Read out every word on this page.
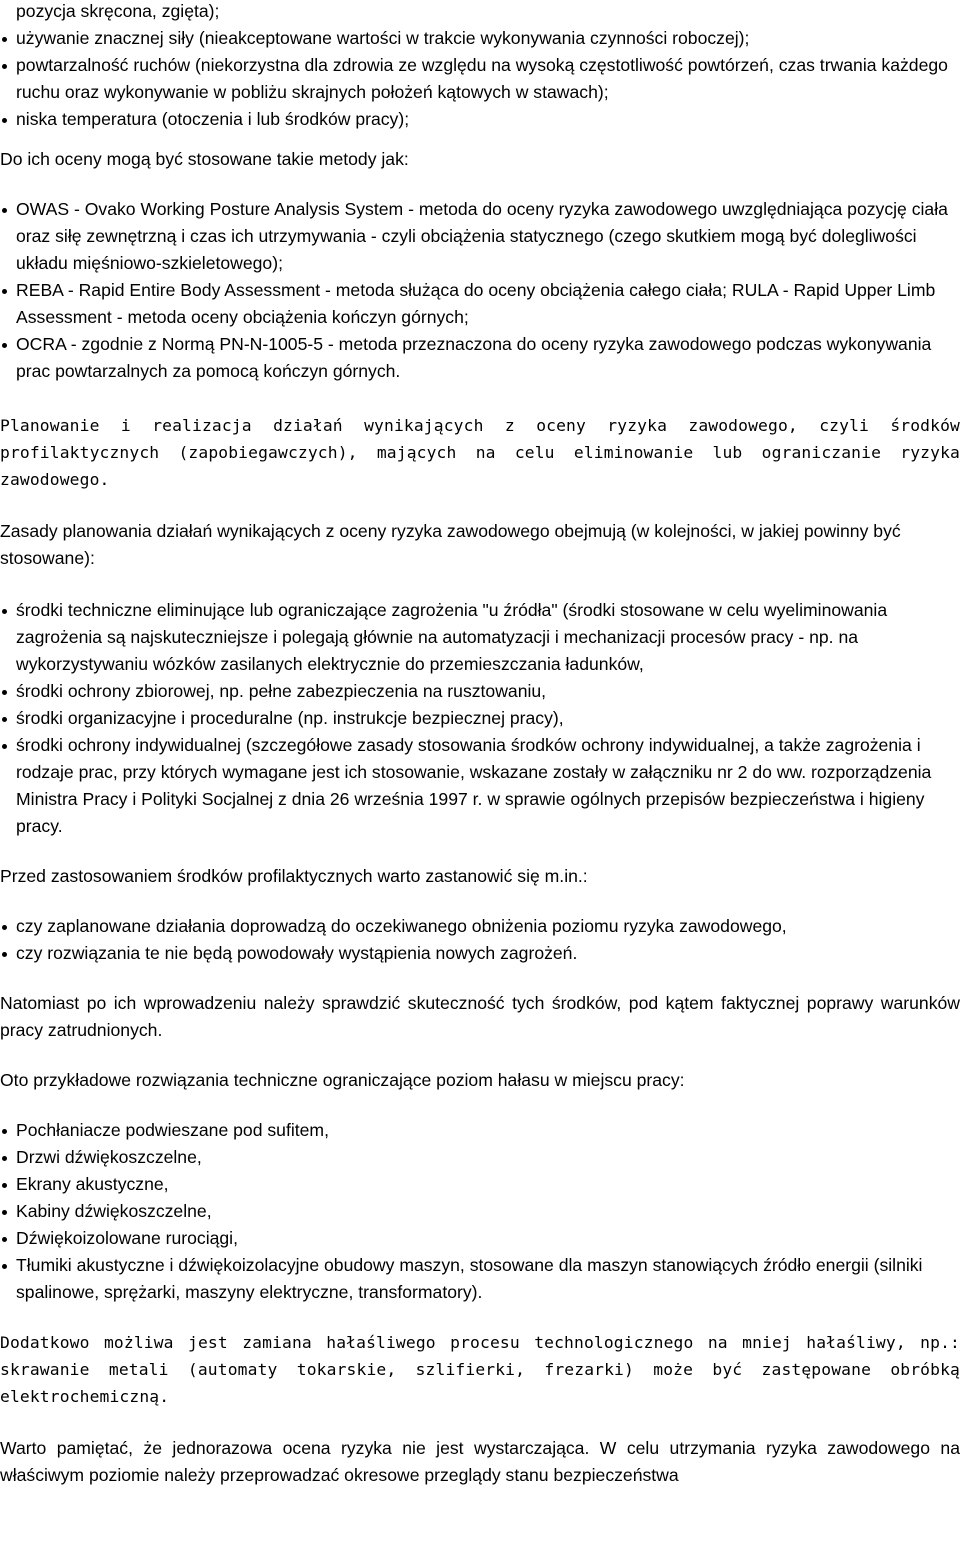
pozycja skręcona, zgięta);

używanie znacznej siły (nieakceptowane wartości w trakcie wykonywania czynności roboczej);
powtarzalność ruchów (niekorzystna dla zdrowia ze względu na wysoką częstotliwość powtórzeń, czas trwania każdego ruchu oraz wykonywanie w pobliżu skrajnych położeń kątowych w stawach);
niska temperatura (otoczenia i lub środków pracy);

Do ich oceny mogą być stosowane takie metody jak:

OWAS - Ovako Working Posture Analysis System - metoda do oceny ryzyka zawodowego uwzględniająca pozycję ciała oraz siłę zewnętrzną i czas ich utrzymywania - czyli obciążenia statycznego (czego skutkiem mogą być dolegliwości układu mięśniowo-szkieletowego);
REBA - Rapid Entire Body Assessment - metoda służąca do oceny obciążenia całego ciała; RULA - Rapid Upper Limb Assessment - metoda oceny obciążenia kończyn górnych;
OCRA - zgodnie z Normą PN-N-1005-5 - metoda przeznaczona do oceny ryzyka zawodowego podczas wykonywania prac powtarzalnych za pomocą kończyn górnych.

Planowanie i realizacja działań wynikających z oceny ryzyka zawodowego, czyli środków profilaktycznych (zapobiegawczych), mających na celu eliminowanie lub ograniczanie ryzyka zawodowego.

Zasady planowania działań wynikających z oceny ryzyka zawodowego obejmują (w kolejności, w jakiej powinny być stosowane):

środki techniczne eliminujące lub ograniczające zagrożenia "u źródła" (środki stosowane w celu wyeliminowania zagrożenia są najskuteczniejsze i polegają głównie na automatyzacji i mechanizacji procesów pracy - np. na wykorzystywaniu wózków zasilanych elektrycznie do przemieszczania ładunków,
środki ochrony zbiorowej, np. pełne zabezpieczenia na rusztowaniu,
środki organizacyjne i proceduralne (np. instrukcje bezpiecznej pracy),
środki ochrony indywidualnej (szczegółowe zasady stosowania środków ochrony indywidualnej, a także zagrożenia i rodzaje prac, przy których wymagane jest ich stosowanie, wskazane zostały w załączniku nr 2 do ww. rozporządzenia Ministra Pracy i Polityki Socjalnej z dnia 26 września 1997 r. w sprawie ogólnych przepisów bezpieczeństwa i higieny pracy.

Przed zastosowaniem środków profilaktycznych warto zastanowić się m.in.:

czy zaplanowane działania doprowadzą do oczekiwanego obniżenia poziomu ryzyka zawodowego,
czy rozwiązania te nie będą powodowały wystąpienia nowych zagrożeń.

Natomiast po ich wprowadzeniu należy sprawdzić skuteczność tych środków, pod kątem faktycznej poprawy warunków pracy zatrudnionych.

Oto przykładowe rozwiązania techniczne ograniczające poziom hałasu w miejscu pracy:

Pochłaniacze podwieszane pod sufitem,
Drzwi dźwiękoszczelne,
Ekrany akustyczne,
Kabiny dźwiękoszczelne,
Dźwiękoizolowane rurociągi,
Tłumiki akustyczne i dźwiękoizolacyjne obudowy maszyn, stosowane dla maszyn stanowiących źródło energii (silniki spalinowe, sprężarki, maszyny elektryczne, transformatory).

Dodatkowo możliwa jest zamiana hałaśliwego procesu technologicznego na mniej hałaśliwy, np.: skrawanie metali (automaty tokarskie, szlifierki, frezarki) może być zastępowane obróbką elektrochemiczną.

Warto pamiętać, że jednorazowa ocena ryzyka nie jest wystarczająca. W celu utrzymania ryzyka zawodowego na właściwym poziomie należy przeprowadzać okresowe przeglądy stanu bezpieczeństwa
